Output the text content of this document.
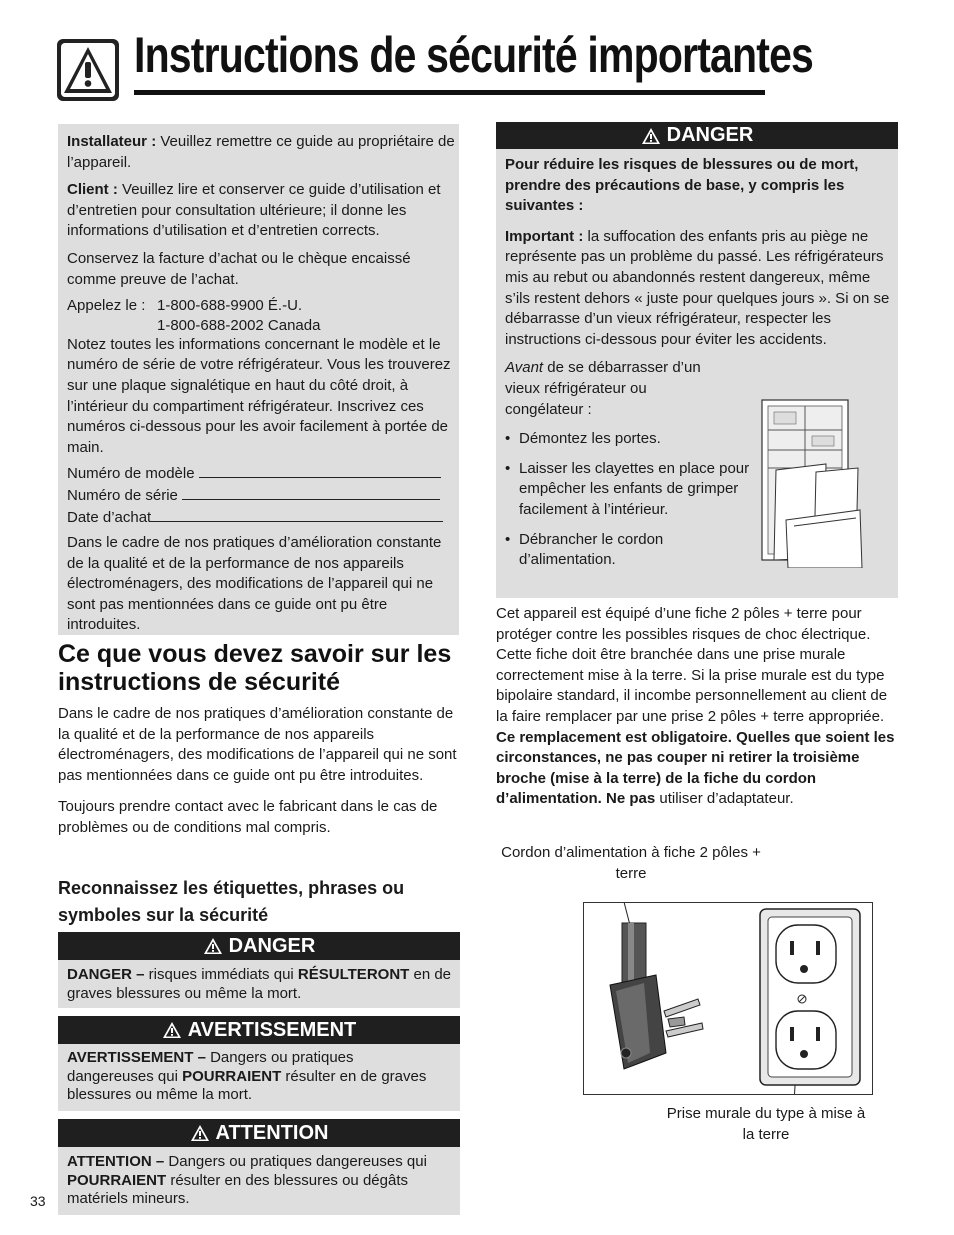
Instructions de sécurité importantes

Installateur : Veuillez remettre ce guide au propriétaire de l’appareil.

Client : Veuillez lire et conserver ce guide d’utilisation et d’entretien pour consultation ultérieure; il donne les informations d’utilisation et d’entretien corrects.

Conservez la facture d’achat ou le chèque encaissé comme preuve de l’achat.

Appelez le : 1-800-688-9900 É.-U.
1-800-688-2002 Canada

Notez toutes les informations concernant le modèle et le numéro de série de votre réfrigérateur. Vous les trouverez sur une plaque signalétique en haut du côté droit, à l’intérieur du compartiment réfrigérateur. Inscrivez ces numéros ci-dessous pour les avoir facilement à portée de main.

Numéro de modèle
Numéro de série
Date d’achat

Dans le cadre de nos pratiques d’amélioration constante de la qualité et de la performance de nos appareils électroménagers, des modifications de l’appareil qui ne sont pas mentionnées dans ce guide ont pu être introduites.

Ce que vous devez savoir sur les instructions de sécurité

Dans le cadre de nos pratiques d’amélioration constante de la qualité et de la performance de nos appareils électroménagers, des modifications de l’appareil qui ne sont pas mentionnées dans ce guide ont pu être introduites.

Toujours prendre contact avec le fabricant dans le cas de problèmes ou de conditions mal compris.

Reconnaissez les étiquettes, phrases ou symboles sur la sécurité
DANGER
DANGER – risques immédiats qui RÉSULTERONT en de graves blessures ou même la mort.
AVERTISSEMENT
AVERTISSEMENT – Dangers ou pratiques dangereuses qui POURRAIENT résulter en de graves blessures ou même la mort.
ATTENTION
ATTENTION – Dangers ou pratiques dangereuses qui POURRAIENT résulter en des blessures ou dégâts matériels mineurs.
DANGER

Pour réduire les risques de blessures ou de mort, prendre des précautions de base, y compris les suivantes :

Important : la suffocation des enfants pris au piège ne représente pas un problème du passé. Les réfrigérateurs mis au rebut ou abandonnés restent dangereux, même s’ils restent dehors « juste pour quelques jours ». Si on se débarrasse d’un vieux réfrigérateur, respecter les instructions ci-dessous pour éviter les accidents.

Avant de se débarrasser d’un vieux réfrigérateur ou congélateur :

• Démontez les portes.
• Laisser les clayettes en place pour empêcher les enfants de grimper facilement à l’intérieur.
• Débrancher le cordon d’alimentation.
Cet appareil est équipé d’une fiche 2 pôles + terre pour protéger contre les possibles risques de choc électrique. Cette fiche doit être branchée dans une prise murale correctement mise à la terre. Si la prise murale est du type bipolaire standard, il incombe personnellement au client de la faire remplacer par une prise 2 pôles + terre appropriée. Ce remplacement est obligatoire. Quelles que soient les circonstances, ne pas couper ni retirer la troisième broche (mise à la terre) de la fiche du cordon d’alimentation. Ne pas utiliser d’adaptateur.
Cordon d’alimentation à fiche 2 pôles + terre
Prise murale du type à mise à la terre
33
